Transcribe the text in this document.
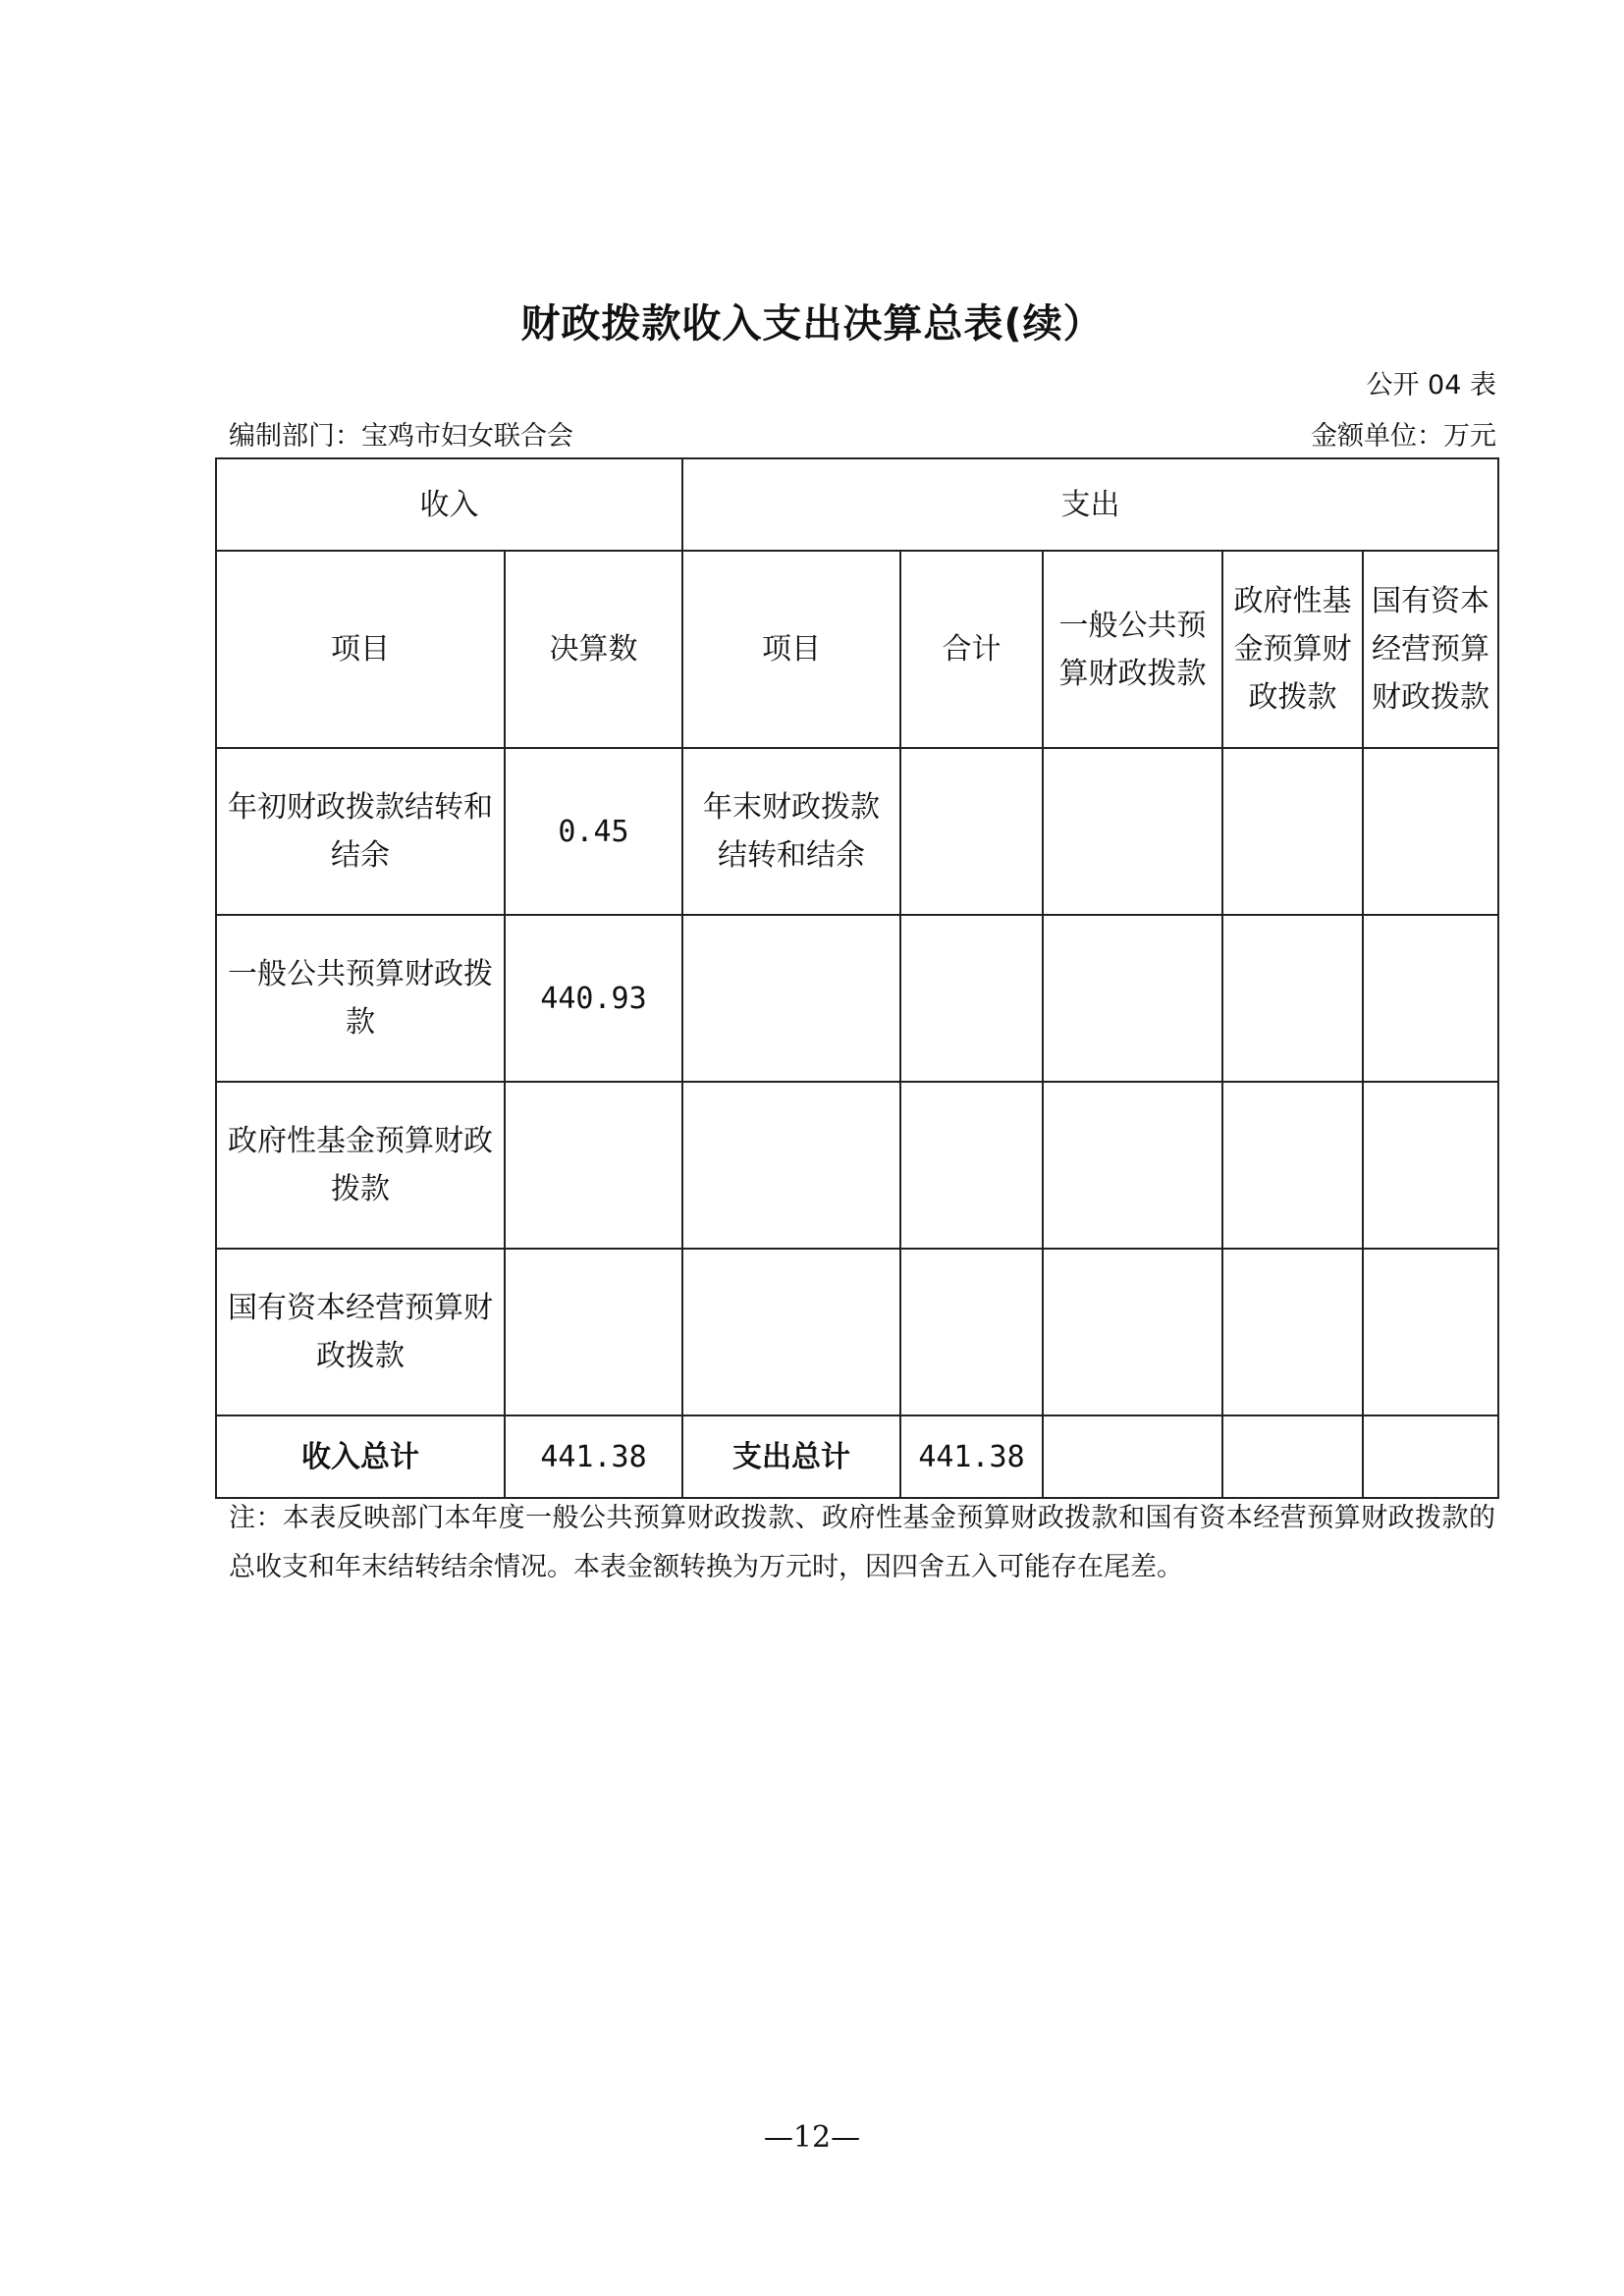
财政拨款收入支出决算总表(续）
公开 04 表
编制部门：宝鸡市妇女联合会	金额单位：万元
收入		支出				
项目	决算数	项目	合计	一般公共预算财政拨款	政府性基金预算财政拨款	国有资本经营预算财政拨款
年初财政拨款结转和结余	0.45	年末财政拨款结转和结余				
一般公共预算财政拨款	440.93					
政府性基金预算财政拨款						
国有资本经营预算财政拨款						
收入总计	441.38	支出总计	441.38			
注：本表反映部门本年度一般公共预算财政拨款、政府性基金预算财政拨款和国有资本经营预算财政拨款的总收支和年末结转结余情况。本表金额转换为万元时，因四舍五入可能存在尾差。
—12—
